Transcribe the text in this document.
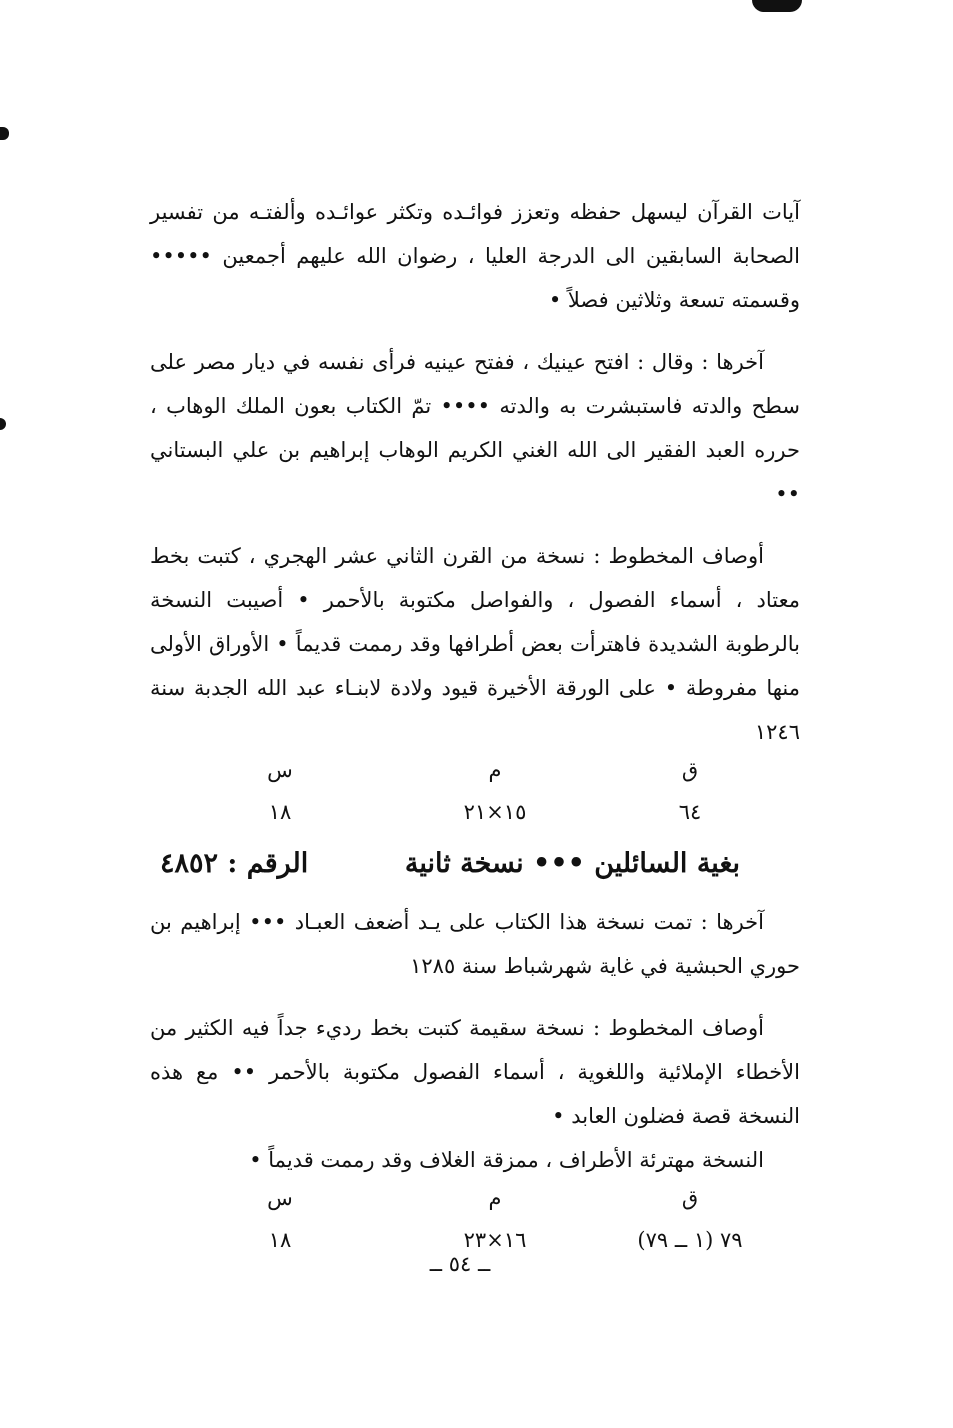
آيات القرآن ليسهل حفظه وتعزز فوائـده وتكثر عوائـده وألفتـه من تفسير الصحابة السابقين الى الدرجة العليا ، رضوان الله عليهم أجمعين ••••• وقسمته تسعة وثلاثين فصلاً •

آخرها : وقال : افتح عينيك ، ففتح عينيه فرأى نفسه في ديار مصر على سطح والدته فاستبشرت به والدته •••• تمّ الكتاب بعون الملك الوهاب ، حرره العبد الفقير الى الله الغني الكريم الوهاب إبراهيم بن علي البستاني ••

أوصاف المخطوط : نسخة من القرن الثاني عشر الهجري ، كتبت بخط معتاد ، أسماء الفصول ، والفواصل مكتوبة بالأحمر • أصيبت النسخة بالرطوبة الشديدة فاهترأت بعض أطرافها وقد رممت قديماً • الأوراق الأولى منها مفروطة • على الورقة الأخيرة قيود ولادة لابنـاء عبد الله الجدبة سنة ١٢٤٦

ق
م
س
٦٤
١٥×٢١
١٨
بغية السائلين ••• نسخة ثانية
الرقم : ٤٨٥٢

آخرها : تمت نسخة هذا الكتاب على يـد أضعف العبـاد ••• إبراهيم بن حوري الحبشية في غاية شهرشباط سنة ١٢٨٥

أوصاف المخطوط : نسخة سقيمة كتبت بخط رديء جداً فيه الكثير من الأخطاء الإملائية واللغوية ، أسماء الفصول مكتوبة بالأحمر •• مع هذه النسخة قصة فضلون العابد •

النسخة مهترئة الأطراف ، ممزقة الغلاف وقد رممت قديماً •

ق
م
س
٧٩ (١ ــ ٧٩)
١٦×٢٣
١٨
ــ ٥٤ ــ
